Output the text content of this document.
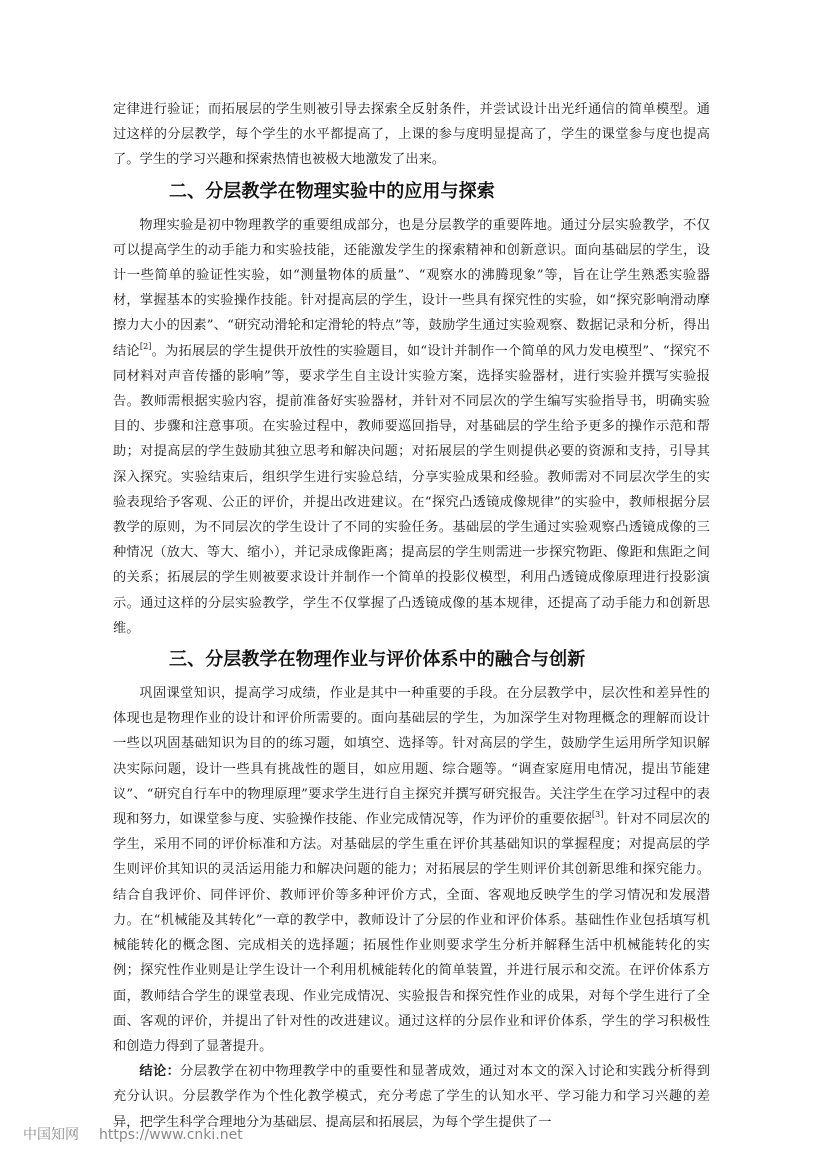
定律进行验证；而拓展层的学生则被引导去探索全反射条件，并尝试设计出光纤通信的简单模型。通过这样的分层教学，每个学生的水平都提高了，上课的参与度明显提高了，学生的课堂参与度也提高了。学生的学习兴趣和探索热情也被极大地激发了出来。

二、分层教学在物理实验中的应用与探索

物理实验是初中物理教学的重要组成部分，也是分层教学的重要阵地。通过分层实验教学，不仅可以提高学生的动手能力和实验技能，还能激发学生的探索精神和创新意识。面向基础层的学生，设计一些简单的验证性实验，如“测量物体的质量”、“观察水的沸腾现象”等，旨在让学生熟悉实验器材，掌握基本的实验操作技能。针对提高层的学生，设计一些具有探究性的实验，如“探究影响滑动摩擦力大小的因素”、“研究动滑轮和定滑轮的特点”等，鼓励学生通过实验观察、数据记录和分析，得出结论[2]。为拓展层的学生提供开放性的实验题目，如“设计并制作一个简单的风力发电模型”、“探究不同材料对声音传播的影响”等，要求学生自主设计实验方案，选择实验器材，进行实验并撰写实验报告。教师需根据实验内容，提前准备好实验器材，并针对不同层次的学生编写实验指导书，明确实验目的、步骤和注意事项。在实验过程中，教师要巡回指导，对基础层的学生给予更多的操作示范和帮助；对提高层的学生鼓励其独立思考和解决问题；对拓展层的学生则提供必要的资源和支持，引导其深入探究。实验结束后，组织学生进行实验总结，分享实验成果和经验。教师需对不同层次学生的实验表现给予客观、公正的评价，并提出改进建议。在“探究凸透镜成像规律”的实验中，教师根据分层教学的原则，为不同层次的学生设计了不同的实验任务。基础层的学生通过实验观察凸透镜成像的三种情况（放大、等大、缩小），并记录成像距离；提高层的学生则需进一步探究物距、像距和焦距之间的关系；拓展层的学生则被要求设计并制作一个简单的投影仪模型，利用凸透镜成像原理进行投影演示。通过这样的分层实验教学，学生不仅掌握了凸透镜成像的基本规律，还提高了动手能力和创新思维。

三、分层教学在物理作业与评价体系中的融合与创新

巩固课堂知识，提高学习成绩，作业是其中一种重要的手段。在分层教学中，层次性和差异性的体现也是物理作业的设计和评价所需要的。面向基础层的学生，为加深学生对物理概念的理解而设计一些以巩固基础知识为目的的练习题，如填空、选择等。针对高层的学生，鼓励学生运用所学知识解决实际问题，设计一些具有挑战性的题目，如应用题、综合题等。“调查家庭用电情况，提出节能建议”、“研究自行车中的物理原理”要求学生进行自主探究并撰写研究报告。关注学生在学习过程中的表现和努力，如课堂参与度、实验操作技能、作业完成情况等，作为评价的重要依据[3]。针对不同层次的学生，采用不同的评价标准和方法。对基础层的学生重在评价其基础知识的掌握程度；对提高层的学生则评价其知识的灵活运用能力和解决问题的能力；对拓展层的学生则评价其创新思维和探究能力。结合自我评价、同伴评价、教师评价等多种评价方式，全面、客观地反映学生的学习情况和发展潜力。在“机械能及其转化”一章的教学中，教师设计了分层的作业和评价体系。基础性作业包括填写机械能转化的概念图、完成相关的选择题；拓展性作业则要求学生分析并解释生活中机械能转化的实例；探究性作业则是让学生设计一个利用机械能转化的简单装置，并进行展示和交流。在评价体系方面，教师结合学生的课堂表现、作业完成情况、实验报告和探究性作业的成果，对每个学生进行了全面、客观的评价，并提出了针对性的改进建议。通过这样的分层作业和评价体系，学生的学习积极性和创造力得到了显著提升。

结论：分层教学在初中物理教学中的重要性和显著成效，通过对本文的深入讨论和实践分析得到充分认识。分层教学作为个性化教学模式，充分考虑了学生的认知水平、学习能力和学习兴趣的差异，把学生科学合理地分为基础层、提高层和拓展层，为每个学生提供了一

中国知网 https://www.cnki.net
